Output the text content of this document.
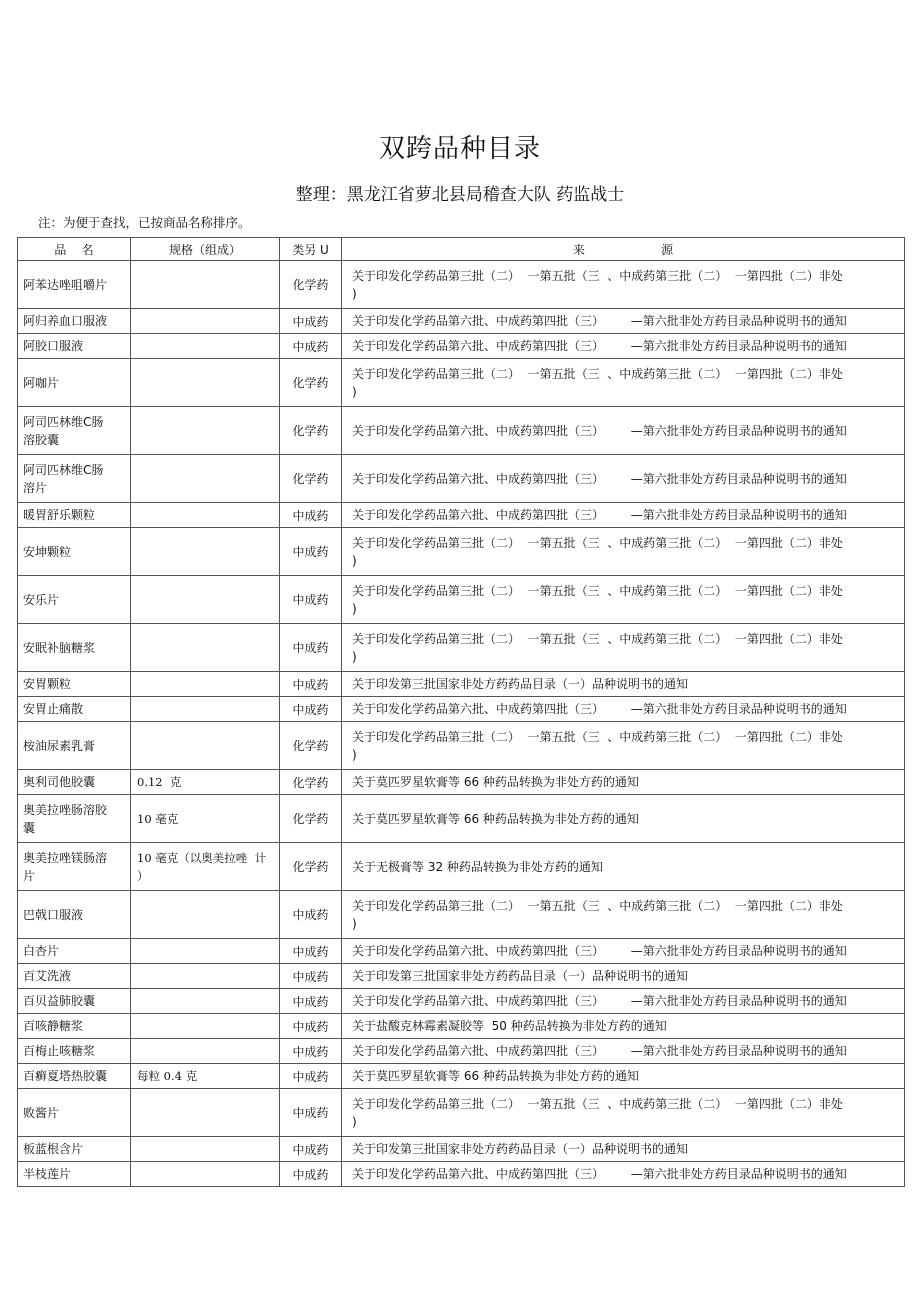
双跨品种目录
整理：黑龙江省萝北县局稽查大队 药监战士
注：为便于查找，已按商品名称排序。
品    名	规格（组成）	类另 U	来                    源
阿苯达唑咀嚼片		化学药	关于印发化学药品第三批（二）  一第五批（三  、中成药第三批（二）  一第四批（二）非处
)
阿归养血口服液		中成药	关于印发化学药品第六批、中成药第四批（三）       —第六批非处方药目录品种说明书的通知
阿胶口服液		中成药	关于印发化学药品第六批、中成药第四批（三）       —第六批非处方药目录品种说明书的通知
阿咖片		化学药	关于印发化学药品第三批（二）  一第五批（三  、中成药第三批（二）  一第四批（二）非处
)
阿司匹林维C肠
溶胶囊		化学药	关于印发化学药品第六批、中成药第四批（三）       —第六批非处方药目录品种说明书的通知
阿司匹林维C肠
溶片		化学药	关于印发化学药品第六批、中成药第四批（三）       —第六批非处方药目录品种说明书的通知
暖胃舒乐颗粒		中成药	关于印发化学药品第六批、中成药第四批（三）       —第六批非处方药目录品种说明书的通知
安坤颗粒		中成药	关于印发化学药品第三批（二）  一第五批（三  、中成药第三批（二）  一第四批（二）非处
)
安乐片		中成药	关于印发化学药品第三批（二）  一第五批（三  、中成药第三批（二）  一第四批（二）非处
)
安眠补脑糖浆		中成药	关于印发化学药品第三批（二）  一第五批（三  、中成药第三批（二）  一第四批（二）非处
)
安胃颗粒		中成药	关于印发第三批国家非处方药药品目录（一）品种说明书的通知
安胃止痛散		中成药	关于印发化学药品第六批、中成药第四批（三）       —第六批非处方药目录品种说明书的通知
桉油尿素乳膏		化学药	关于印发化学药品第三批（二）  一第五批（三  、中成药第三批（二）  一第四批（二）非处
)
奥利司他胶囊	0.12  克	化学药	关于莫匹罗星软膏等 66 种药品转换为非处方药的通知
奥美拉唑肠溶胶
囊	10 毫克	化学药	关于莫匹罗星软膏等 66 种药品转换为非处方药的通知
奥美拉唑镁肠溶
片	10 毫克（以奥美拉唑  计
）	化学药	关于无极膏等 32 种药品转换为非处方药的通知
巴戟口服液		中成药	关于印发化学药品第三批（二）  一第五批（三  、中成药第三批（二）  一第四批（二）非处
)
白杏片		中成药	关于印发化学药品第六批、中成药第四批（三）       —第六批非处方药目录品种说明书的通知
百艾洗液		中成药	关于印发第三批国家非处方药药品目录（一）品种说明书的通知
百贝益肺胶囊		中成药	关于印发化学药品第六批、中成药第四批（三）       —第六批非处方药目录品种说明书的通知
百咳静糖浆		中成药	关于盐酸克林霉素凝胶等  50 种药品转换为非处方药的通知
百梅止咳糖浆		中成药	关于印发化学药品第六批、中成药第四批（三）       —第六批非处方药目录品种说明书的通知
百癣夏塔热胶囊	每粒 0.4 克	中成药	关于莫匹罗星软膏等 66 种药品转换为非处方药的通知
败酱片		中成药	关于印发化学药品第三批（二）  一第五批（三  、中成药第三批（二）  一第四批（二）非处
)
板蓝根含片		中成药	关于印发第三批国家非处方药药品目录（一）品种说明书的通知
半枝莲片		中成药	关于印发化学药品第六批、中成药第四批（三）       —第六批非处方药目录品种说明书的通知
